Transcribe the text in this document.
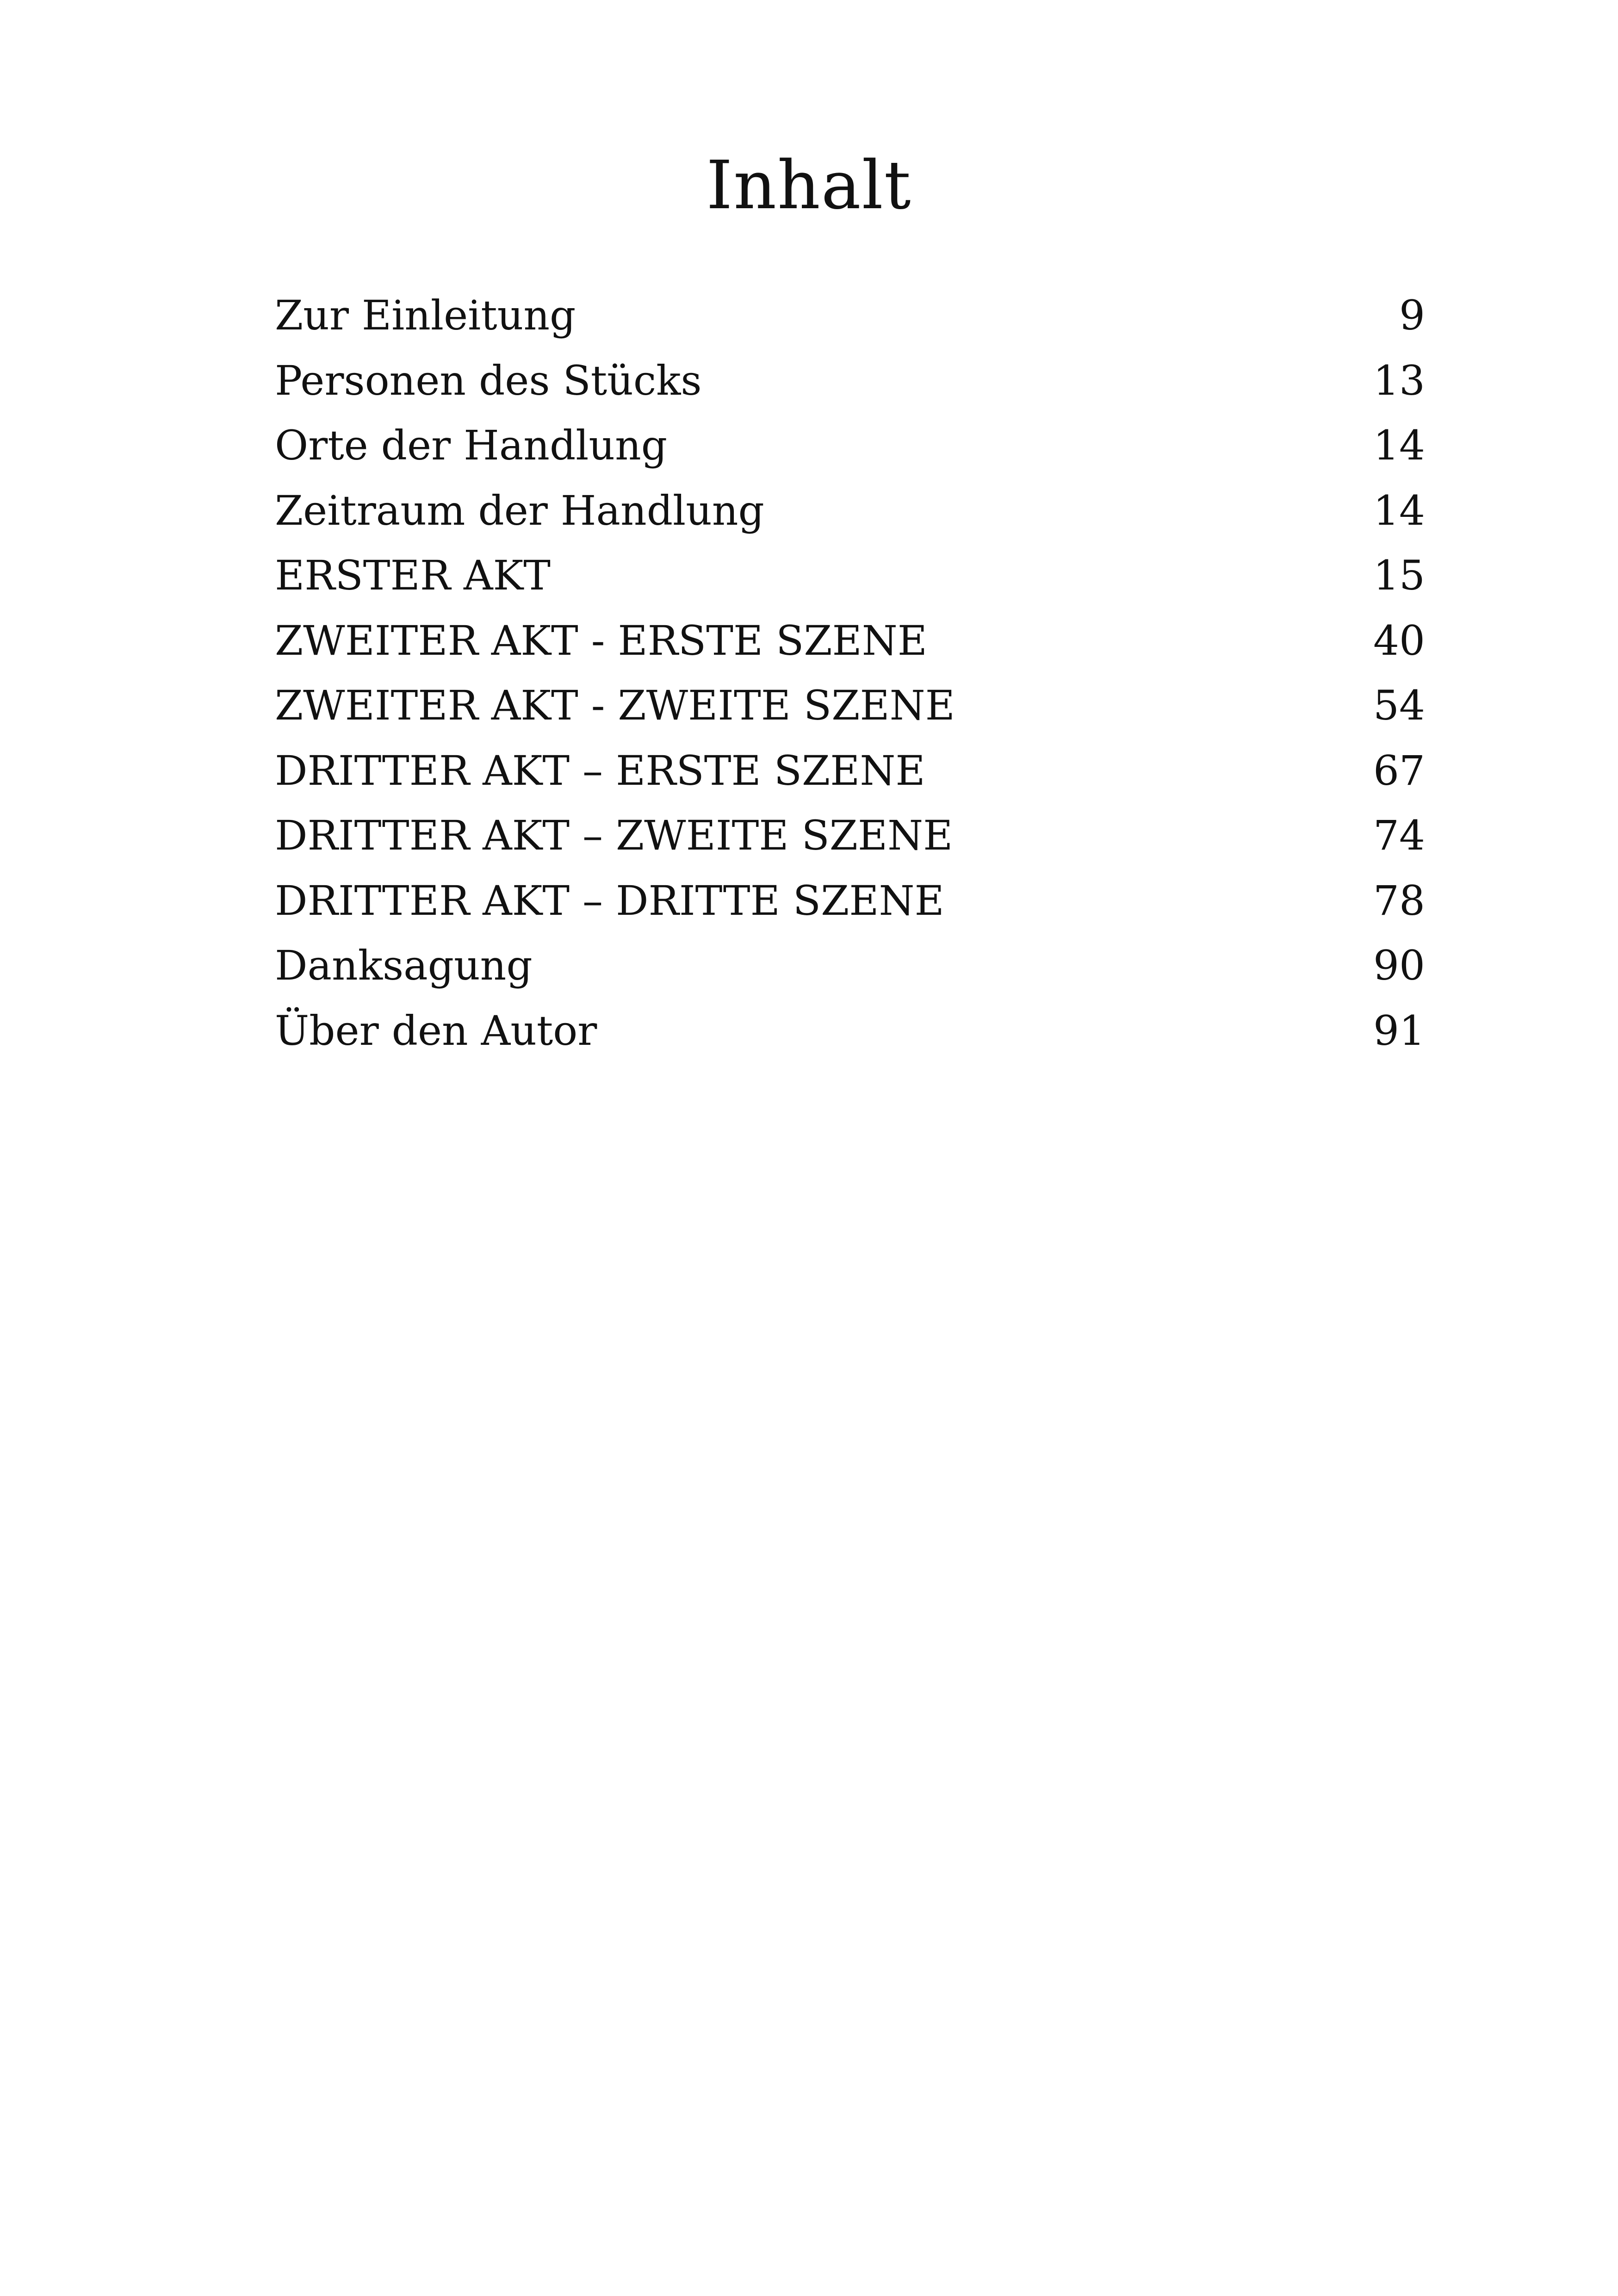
Inhalt
Zur Einleitung	9
Personen des Stücks	13
Orte der Handlung	14
Zeitraum der Handlung	14
ERSTER AKT	15
ZWEITER AKT - ERSTE SZENE	40
ZWEITER AKT - ZWEITE SZENE	54
DRITTER AKT – ERSTE SZENE	67
DRITTER AKT – ZWEITE SZENE	74
DRITTER AKT – DRITTE SZENE	78
Danksagung	90
Über den Autor	91
